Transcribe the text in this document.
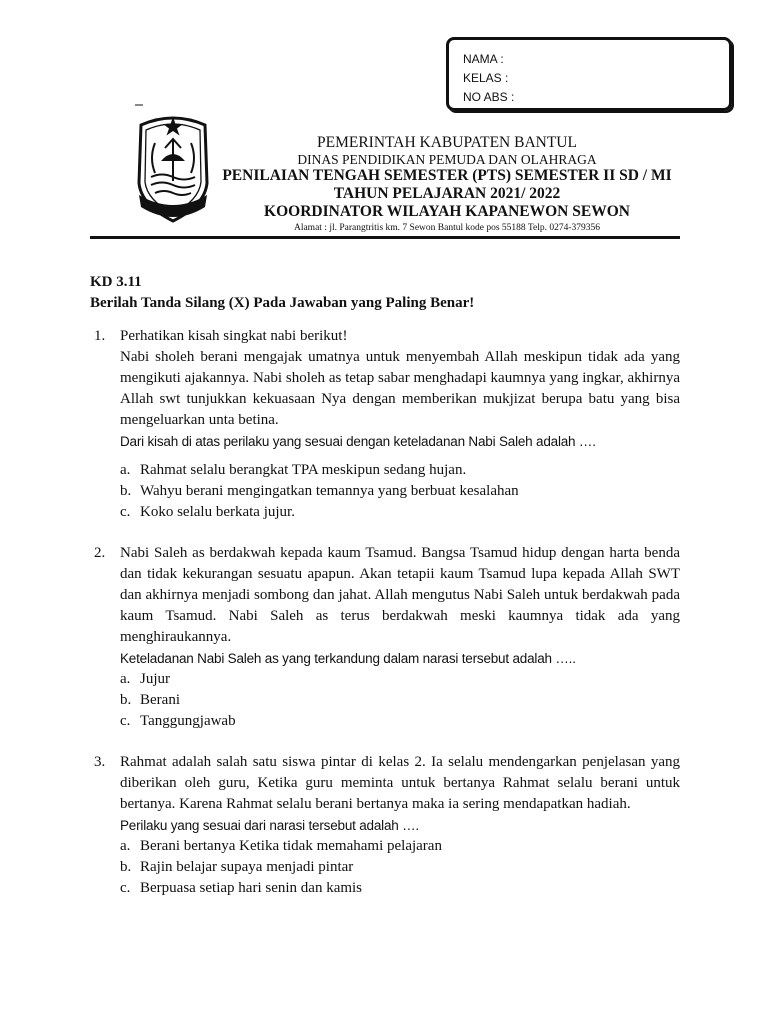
NAMA :
KELAS :
NO ABS :
PEMERINTAH KABUPATEN BANTUL
DINAS PENDIDIKAN PEMUDA DAN OLAHRAGA
PENILAIAN TENGAH SEMESTER (PTS) SEMESTER II SD / MI
TAHUN PELAJARAN 2021/ 2022
KOORDINATOR WILAYAH KAPANEWON SEWON
Alamat : jl. Parangtritis km. 7 Sewon Bantul kode pos 55188 Telp. 0274-379356
KD 3.11
Berilah Tanda Silang (X) Pada Jawaban yang Paling Benar!
1. Perhatikan kisah singkat nabi berikut!

Nabi sholeh berani mengajak umatnya untuk menyembah Allah meskipun tidak ada yang mengikuti ajakannya. Nabi sholeh as tetap sabar menghadapi kaumnya yang ingkar, akhirnya Allah swt tunjukkan kekuasaan Nya dengan memberikan mukjizat berupa batu yang bisa mengeluarkan unta betina.

Dari kisah di atas perilaku yang sesuai dengan keteladanan Nabi Saleh adalah ….

a. Rahmat selalu berangkat TPA meskipun sedang hujan.
b. Wahyu berani mengingatkan temannya yang berbuat kesalahan
c. Koko selalu berkata jujur.
2. Nabi Saleh as berdakwah kepada kaum Tsamud. Bangsa Tsamud hidup dengan harta benda dan tidak kekurangan sesuatu apapun. Akan tetapii kaum Tsamud lupa kepada Allah SWT dan akhirnya menjadi sombong dan jahat. Allah mengutus Nabi Saleh untuk berdakwah pada kaum Tsamud. Nabi Saleh as terus berdakwah meski kaumnya tidak ada yang menghiraukannya.

Keteladanan Nabi Saleh as yang terkandung dalam narasi tersebut adalah …..

a. Jujur
b. Berani
c. Tanggungjawab
3. Rahmat adalah salah satu siswa pintar di kelas 2. Ia selalu mendengarkan penjelasan yang diberikan oleh guru, Ketika guru meminta untuk bertanya Rahmat selalu berani untuk bertanya. Karena Rahmat selalu berani bertanya maka ia sering mendapatkan hadiah.

Perilaku yang sesuai dari narasi tersebut adalah ….

a. Berani bertanya Ketika tidak memahami pelajaran
b. Rajin belajar supaya menjadi pintar
c. Berpuasa setiap hari senin dan kamis
